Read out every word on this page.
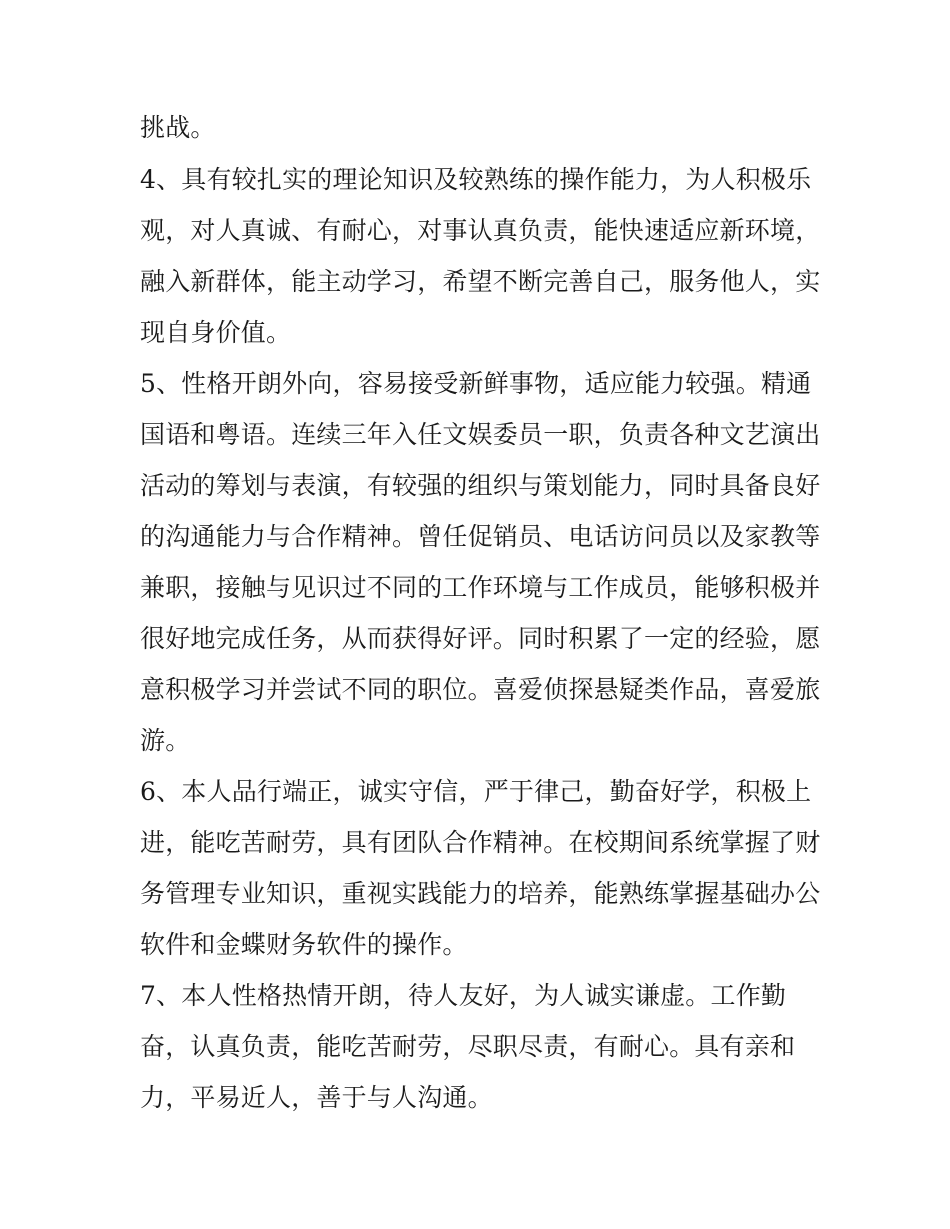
挑战。
4、具有较扎实的理论知识及较熟练的操作能力，为人积极乐
观，对人真诚、有耐心，对事认真负责，能快速适应新环境，
融入新群体，能主动学习，希望不断完善自己，服务他人，实
现自身价值。
5、性格开朗外向，容易接受新鲜事物，适应能力较强。精通
国语和粤语。连续三年入任文娱委员一职，负责各种文艺演出
活动的筹划与表演，有较强的组织与策划能力，同时具备良好
的沟通能力与合作精神。曾任促销员、电话访问员以及家教等
兼职，接触与见识过不同的工作环境与工作成员，能够积极并
很好地完成任务，从而获得好评。同时积累了一定的经验，愿
意积极学习并尝试不同的职位。喜爱侦探悬疑类作品，喜爱旅
游。
6、本人品行端正，诚实守信，严于律己，勤奋好学，积极上
进，能吃苦耐劳，具有团队合作精神。在校期间系统掌握了财
务管理专业知识，重视实践能力的培养，能熟练掌握基础办公
软件和金蝶财务软件的操作。
7、本人性格热情开朗，待人友好，为人诚实谦虚。工作勤
奋，认真负责，能吃苦耐劳，尽职尽责，有耐心。具有亲和
力，平易近人，善于与人沟通。
